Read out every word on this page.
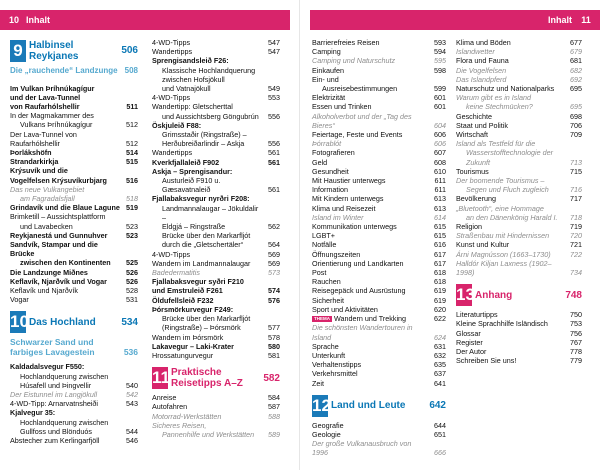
10 Inhalt
9 Halbinsel Reykjanes
506
Die „rauchende“ Landzunge 508
Im Vulkan Þríhnúkagígur
und der Lava-Tunnel
von Raufarhólshellir	511
In der Magmakammer des
Vulkans Þríhnúkagígur	512
Der Lava-Tunnel von Raufarhólshellir	512
Þorlákshöfn	514
Strandarkirkja	515
Krýsuvík und die
Vogelfelsen Krýsuvíkurbjarg	516
Das neue Vulkangebiet
am Fagradalsfjall	518
Grindavík und die Blaue Lagune 519
Brimketill – Aussichtsplattform
und Lavabecken	523
Reykjanestá und Gunnuhver	523
Sandvík, Stampar und die Brücke
zwischen den Kontinenten 525
Die Landzunge Miðnes	526
Keflavík, Njarðvík und Vogar	526
Keflavík und Njarðvík	528
Vogar	531
10 Das Hochland	534
Schwarzer Sand und farbiges Lavagestein	536
Kaldadalsvegur F550:
Hochlandquerung zwischen
Húsafell und Þingvellir	540
Der Eistunnel im Langjökull	542
4-WD-Tipp: Arnarvatnsheiði	543
Kjalvegur 35:
Hochlandquerung zwischen
Gullfoss und Blönduós	544
Abstecher zum Kerlingarfjöll	546
4-WD-Tipps	547
Wandertipps	547
Sprengisandsleið F26:
Klassische Hochlandquerung
zwischen Hofsjökull
und Vatnajökull	549
4-WD-Tipps	553
Wandertipp: Gletscherttal
und Aussichtsberg Göngubrún 556
Öskjuleið F88:
Grimsstaðir (Ringstraße) –
Herðubreiðarlindir – Askja	556
Wandertipps	561
Kverkfjallaleið F902	561
Askja – Sprengisandur:
Austurleið F910 u. Gæsavatnaleið	561
Fjallabaksvegur nyrðri F208:
Landmannalaugar – Jökuldalir –
Eldgjá – Ringstraße	562
Brücke über den Markarfljót
durch die „Gletschertäler“	564
4-WD-Tipps	569
Wandern im Landmannalaugar 569
Badedermatitis	573
Fjallabaksvegur syðri F210
und Emstruleið F261	574
Öldufellsleið F232	576
Þórsmörkurvegur F249:
Brücke über den Markarfljót
(Ringstraße) – Þórsmörk	577
Wandern im Þórsmörk	578
Lakavegur – Laki-Krater	580
Hrossatungurvegur	581
11 Praktische Reisetipps A–Z
582
Anreise	584
Autofahren	587
Motorrad-Werkstätten	588
Sicheres Reisen,
Pannenhilfe und Werkstätten 589
Inhalt	11
Barrierefreies Reisen	593
Camping	594
Camping und Naturschutz	595
Einkaufen	598
Ein- und
Ausreisebestimmungen	599
Elektrizität	601
Essen und Trinken	601
Alkoholverbot und der „Tag des Bieres“	604
Feiertage, Feste und Events	606
Þórrablót	606
Fotografieren	607
Geld	608
Gesundheit	610
Mit Haustier unterwegs	611
Information	611
Mit Kindern unterwegs	613
Klima und Reisezeit	613
Island im Winter	614
Kommunikation unterwegs	615
LGBT+	615
Notfälle	616
Öffnungszeiten	617
Orientierung und Landkarten	617
Post	618
Rauchen	618
Reisegepäck und Ausrüstung	619
Sicherheit	619
Sport und Aktivitäten	620
THEMA Wandern und Trekking	622
Die schönsten Wandertouren in Island	624
Sprache	631
Unterkunft	632
Verhaltenstipps	635
Verkehrsmittel	637
Zeit	641
12 Land und Leute	642
Geografie	644
Geologie	651
Der große Vulkanausbruch von 1996	666
Klima und Böden	677
Islandwetter	679
Flora und Fauna	681
Die Vogelfelsen	682
Das Islandpferd	692
Naturschutz und Nationalparks 695
Warum gibt es in Island
keine Stechmücken?	695
Geschichte	698
Staat und Politik	706
Wirtschaft	709
Island als Testfeld für die
Wasserstofftechnologie der Zukunft	713
Tourismus	715
Der boomende Tourismus –
Segen und Fluch zugleich	716
Bevölkerung	717
„Bluetooth“, eine Hommage
an den Dänenkönig Harald I. 718
Religion	719
Straßenbau mit Hindernissen	720
Kunst und Kultur	721
Árni Magnússon (1663–1730)	722
Halldór Kiljan Laxness (1902–1998)	734
13 Anhang	748
Literaturtipps	750
Kleine Sprachhilfe Isländisch	753
Glossar	756
Register	767
Der Autor	778
Schreiben Sie uns!	779
